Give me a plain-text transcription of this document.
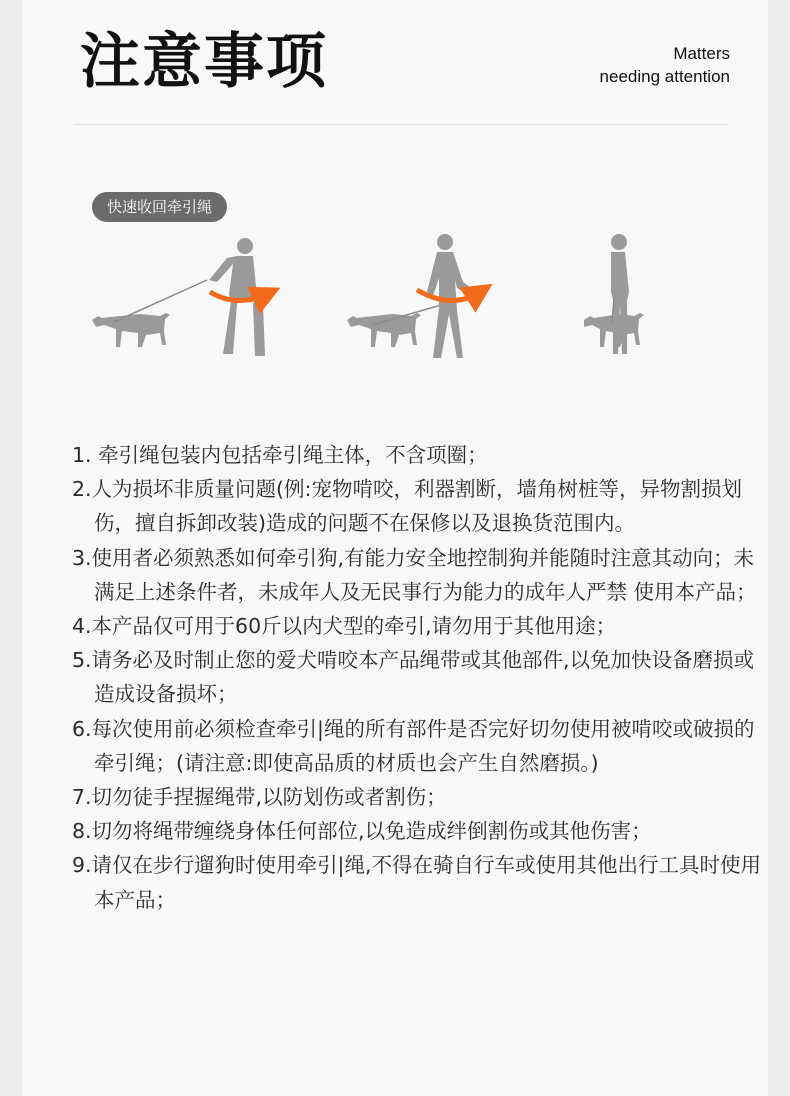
注意事项	Matters
needing attention
快速收回牵引绳
1. 牵引绳包装内包括牵引绳主体，不含项圈；
2.人为损坏非质量问题(例:宠物啃咬，利器割断，墙角树桩等，异物割损划伤，擅自拆卸改装)造成的问题不在保修以及退换货范围内。
3.使用者必须熟悉如何牵引狗,有能力安全地控制狗并能随时注意其动向；未满足上述条件者，未成年人及无民事行为能力的成年人严禁 使用本产品；
4.本产品仅可用于60斤以内犬型的牵引,请勿用于其他用途；
5.请务必及时制止您的爱犬啃咬本产品绳带或其他部件,以免加快设备磨损或造成设备损坏；
6.每次使用前必须检查牵引|绳的所有部件是否完好切勿使用被啃咬或破损的牵引绳；(请注意:即使高品质的材质也会产生自然磨损。)
7.切勿徒手捏握绳带,以防划伤或者割伤；
8.切勿将绳带缠绕身体任何部位,以免造成绊倒割伤或其他伤害；
9.请仅在步行遛狗时使用牵引|绳,不得在骑自行车或使用其他出行工具时使用本产品；
